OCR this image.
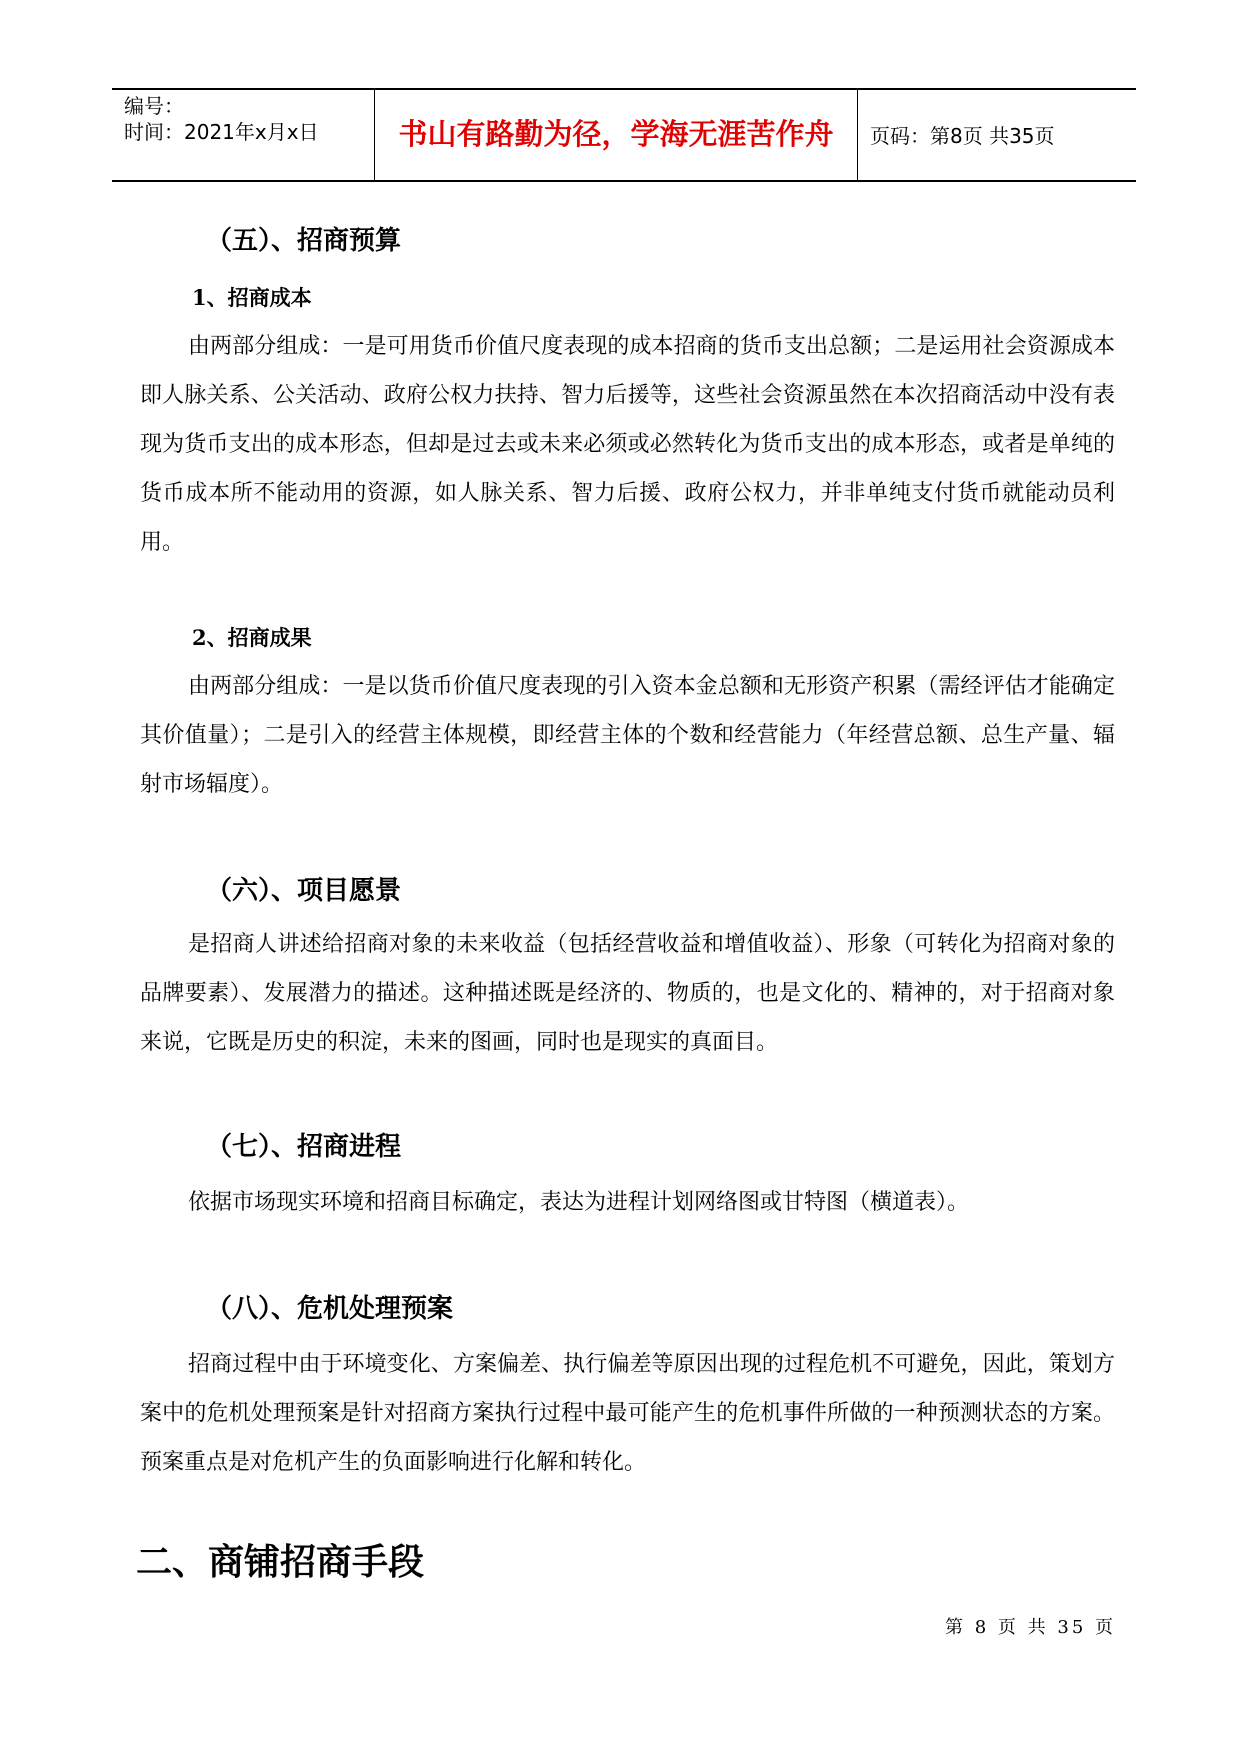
编号：
时间：2021年x月x日	书山有路勤为径，学海无涯苦作舟	页码：第8页 共35页
（五）、招商预算
1、招商成本
由两部分组成：一是可用货币价值尺度表现的成本招商的货币支出总额；二是运用社会资源成本即人脉关系、公关活动、政府公权力扶持、智力后援等，这些社会资源虽然在本次招商活动中没有表现为货币支出的成本形态，但却是过去或未来必须或必然转化为货币支出的成本形态，或者是单纯的货币成本所不能动用的资源，如人脉关系、智力后援、政府公权力，并非单纯支付货币就能动员利用。
2、招商成果
由两部分组成：一是以货币价值尺度表现的引入资本金总额和无形资产积累（需经评估才能确定其价值量）；二是引入的经营主体规模，即经营主体的个数和经营能力（年经营总额、总生产量、辐射市场辐度）。
（六）、项目愿景
是招商人讲述给招商对象的未来收益（包括经营收益和增值收益）、形象（可转化为招商对象的品牌要素）、发展潜力的描述。这种描述既是经济的、物质的，也是文化的、精神的，对于招商对象来说，它既是历史的积淀，未来的图画，同时也是现实的真面目。
（七）、招商进程
依据市场现实环境和招商目标确定，表达为进程计划网络图或甘特图（横道表）。
（八）、危机处理预案
招商过程中由于环境变化、方案偏差、执行偏差等原因出现的过程危机不可避免，因此，策划方案中的危机处理预案是针对招商方案执行过程中最可能产生的危机事件所做的一种预测状态的方案。预案重点是对危机产生的负面影响进行化解和转化。
二、商铺招商手段
第 8 页 共 35 页
